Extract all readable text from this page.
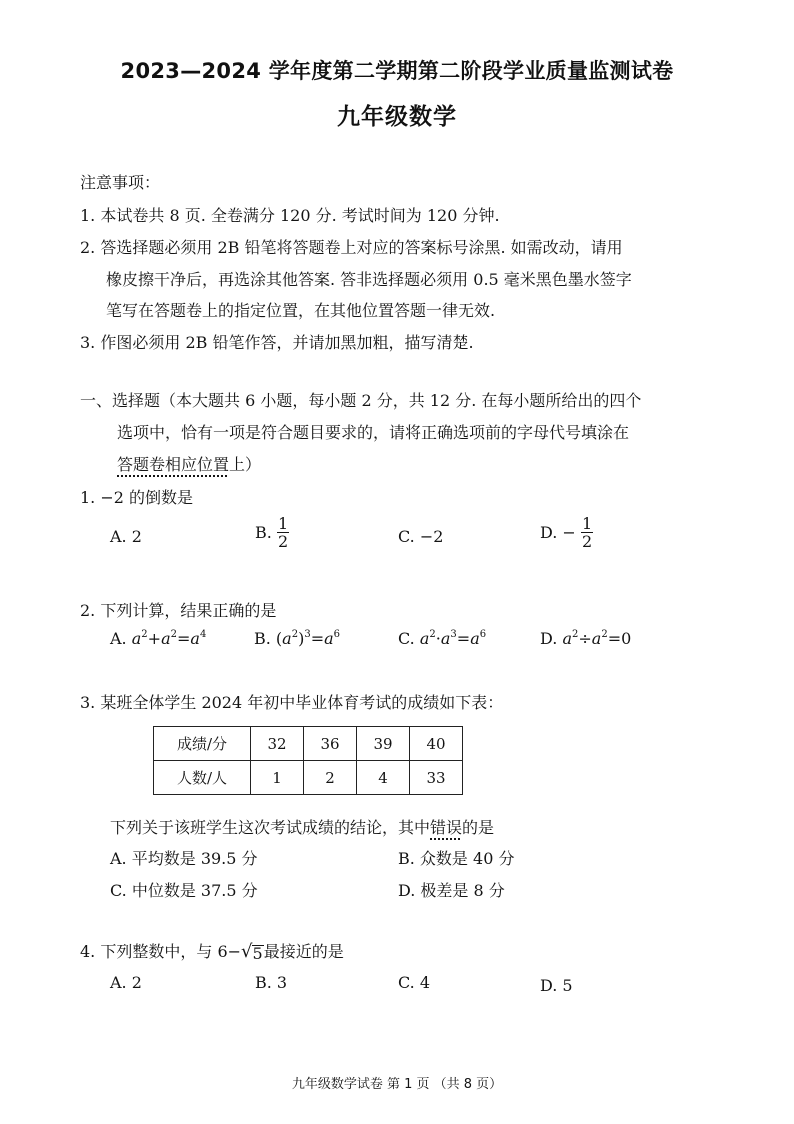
2023—2024 学年度第二学期第二阶段学业质量监测试卷
九年级数学
注意事项：
1. 本试卷共 8 页. 全卷满分 120 分. 考试时间为 120 分钟.
2. 答选择题必须用 2B 铅笔将答题卷上对应的答案标号涂黑. 如需改动，请用
橡皮擦干净后，再选涂其他答案. 答非选择题必须用 0.5 毫米黑色墨水签字
笔写在答题卷上的指定位置，在其他位置答题一律无效.
3. 作图必须用 2B 铅笔作答，并请加黑加粗，描写清楚.
一、选择题（本大题共 6 小题，每小题 2 分，共 12 分. 在每小题所给出的四个
选项中，恰有一项是符合题目要求的，请将正确选项前的字母代号填涂在
答题卷相应位置上）
1. −2 的倒数是
A. 2	B. $\frac{1}{2}$	C. −2	D. − $\frac{1}{2}$
2. 下列计算，结果正确的是
A. $a^2+a^2=a^4$	B. $(a^2)^3=a^6$	C. $a^2\cdot a^3=a^6$	D. $a^2\div a^2=0$
3. 某班全体学生 2024 年初中毕业体育考试的成绩如下表：
成绩/分	32	36	39	40
人数/人	1	2	4	33
下列关于该班学生这次考试成绩的结论，其中错误的是
A. 平均数是 39.5 分	B. 众数是 40 分
C. 中位数是 37.5 分	D. 极差是 8 分
4. 下列整数中，与 6− √ 5 最接近的是
A. 2	B. 3	C. 4	D. 5
九年级数学试卷 第 1 页 （共 8 页）
